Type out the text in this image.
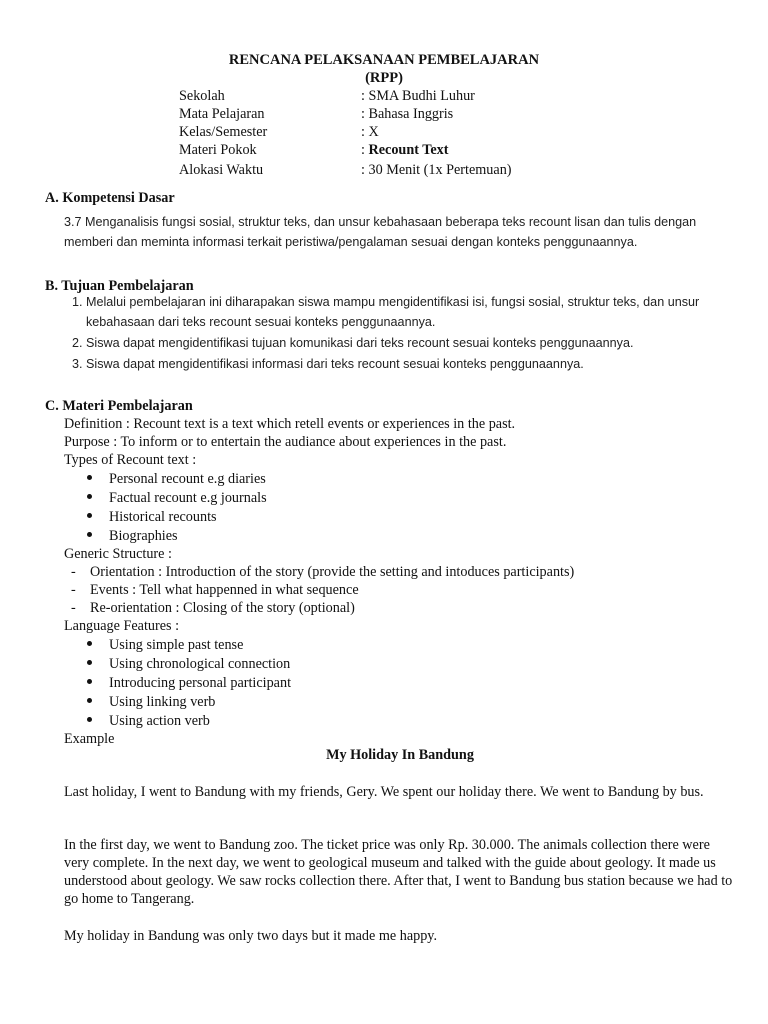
RENCANA PELAKSANAAN PEMBELAJARAN
(RPP)
Sekolah	: SMA Budhi Luhur
Mata Pelajaran	: Bahasa Inggris
Kelas/Semester	: X
Materi Pokok	: Recount Text
Alokasi Waktu	: 30 Menit (1x Pertemuan)
A. Kompetensi Dasar
3.7 Menganalisis fungsi sosial, struktur teks, dan unsur kebahasaan beberapa teks recount lisan dan tulis dengan memberi dan meminta informasi terkait peristiwa/pengalaman sesuai dengan konteks penggunaannya.
B. Tujuan Pembelajaran
1. Melalui pembelajaran ini diharapakan siswa mampu mengidentifikasi isi, fungsi sosial, struktur teks, dan unsur kebahasaan dari teks recount sesuai konteks penggunaannya.
2. Siswa dapat mengidentifikasi tujuan komunikasi dari teks recount sesuai konteks penggunaannya.
3. Siswa dapat mengidentifikasi informasi dari teks recount sesuai konteks penggunaannya.
C. Materi Pembelajaran
Definition : Recount text is a text which retell events or experiences in the past.
Purpose : To inform or to entertain the audiance about experiences in the past.
Types of Recount text :
Personal recount e.g diaries
Factual recount e.g journals
Historical recounts
Biographies
Generic Structure :
- Orientation : Introduction of the story (provide the setting and intoduces participants)
- Events : Tell what happenned in what sequence
- Re-orientation : Closing of the story (optional)
Language Features :
Using simple past tense
Using chronological connection
Introducing personal participant
Using linking verb
Using action verb
Example
My Holiday In Bandung
Last holiday, I went to Bandung with my friends, Gery. We spent our holiday there. We went to Bandung by bus.
In the first day, we went to Bandung zoo. The ticket price was only Rp. 30.000. The animals collection there were very complete. In the next day, we went to geological museum and talked with the guide about geology. It made us understood about geology. We saw rocks collection there. After that, I went to Bandung bus station because we had to go home to Tangerang.
My holiday in Bandung was only two days but it made me happy.
